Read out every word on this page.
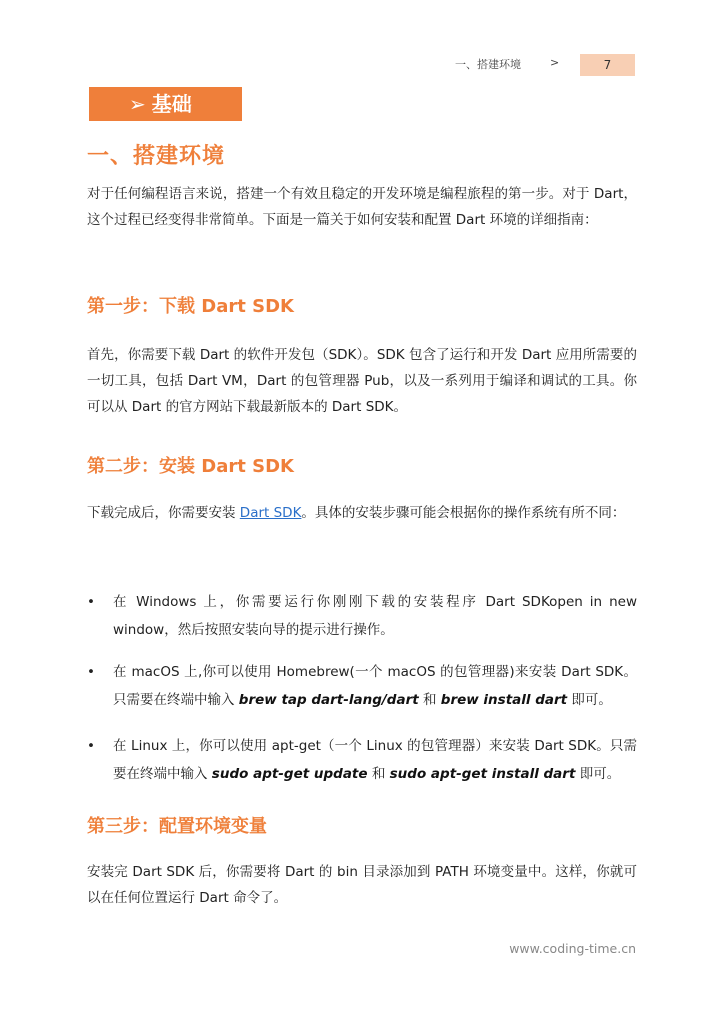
一、搭建环境	>	7
➢ 基础
一、搭建环境

对于任何编程语言来说，搭建一个有效且稳定的开发环境是编程旅程的第一步。对于 Dart，这个过程已经变得非常简单。下面是一篇关于如何安装和配置 Dart 环境的详细指南：

第一步：下载 Dart SDK

首先，你需要下载 Dart 的软件开发包（SDK）。SDK 包含了运行和开发 Dart 应用所需要的一切工具，包括 Dart VM，Dart 的包管理器 Pub，以及一系列用于编译和调试的工具。你可以从 Dart 的官方网站下载最新版本的 Dart SDK。

第二步：安装 Dart SDK

下载完成后，你需要安装 Dart SDK。具体的安装步骤可能会根据你的操作系统有所不同：

• 在 Windows 上，你需要运行你刚刚下载的安装程序 Dart SDKopen in new window，然后按照安装向导的提示进行操作。
• 在 macOS 上,你可以使用 Homebrew(一个 macOS 的包管理器)来安装 Dart SDK。只需要在终端中输入 brew tap dart-lang/dart 和 brew install dart 即可。
• 在 Linux 上，你可以使用 apt-get（一个 Linux 的包管理器）来安装 Dart SDK。只需要在终端中输入 sudo apt-get update 和 sudo apt-get install dart 即可。
第三步：配置环境变量

安装完 Dart SDK 后，你需要将 Dart 的 bin 目录添加到 PATH 环境变量中。这样，你就可以在任何位置运行 Dart 命令了。

www.coding-time.cn
